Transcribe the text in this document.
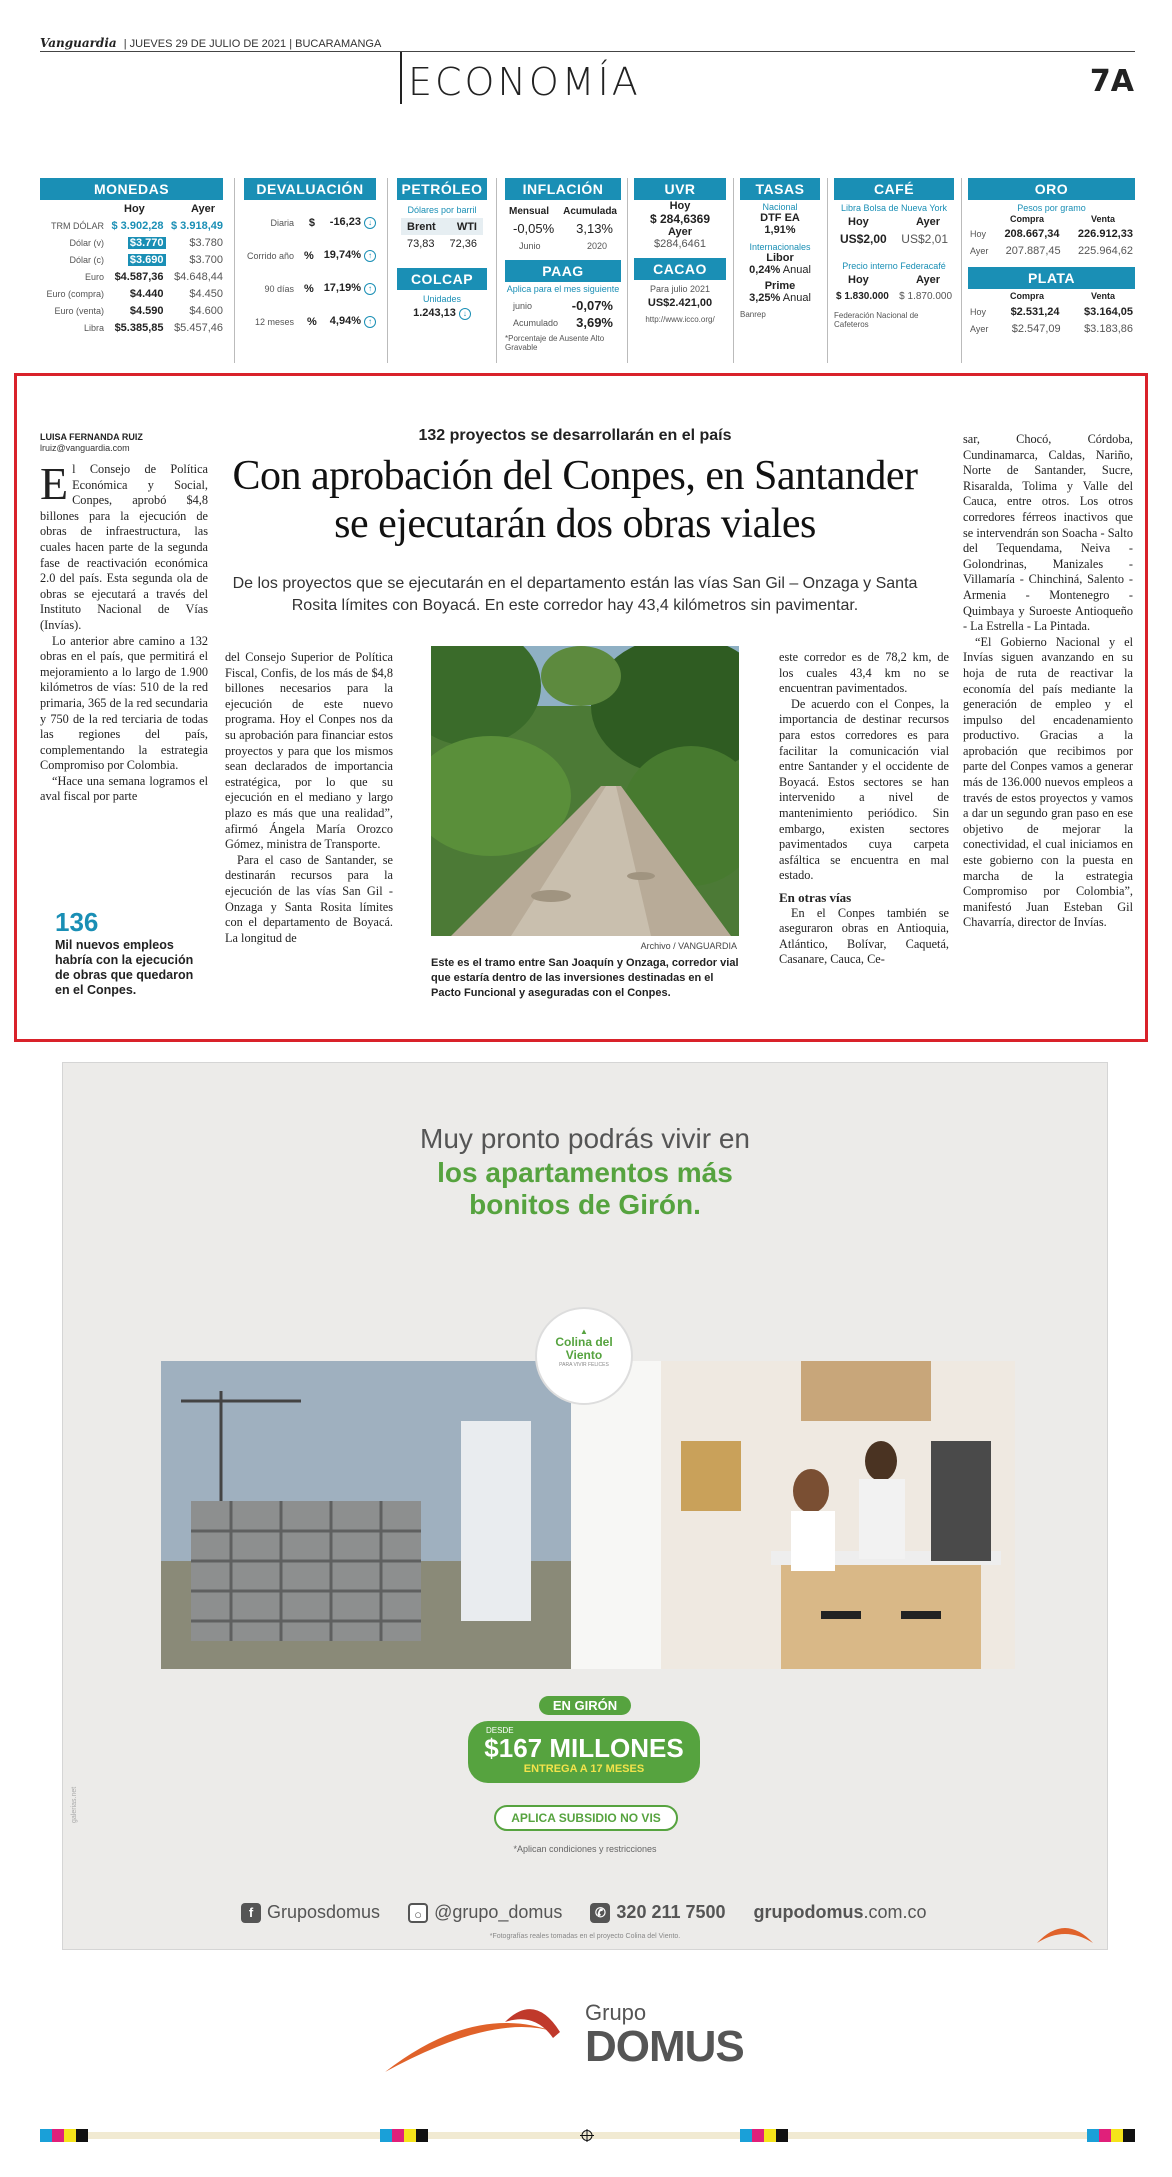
Vanguardia | JUEVES 29 DE JULIO DE 2021 | BUCARAMANGA
ECONOMÍA	7A
MONEDAS
Hoy	Ayer
TRM DÓLAR $ 3.902,28 $ 3.918,49
Dólar (v) $3.770 $3.780
Dólar (c) $3.690 $3.700
Euro $4.587,36 $4.648,44
Euro (compra) $4.440 $4.450
Euro (venta) $4.590 $4.600
Libra $5.385,85 $5.457,46
DEVALUACIÓN
Diaria $ -16,23 ↓
Corrido año % 19,74% ↑
90 días % 17,19% ↑
12 meses % 4,94% ↑
PETRÓLEO
Dólares por barril
Brent WTI
73,83 72,36
COLCAP
Unidades
1.243,13 ↓
INFLACIÓN
Mensual Acumulada
-0,05% 3,13%
Junio	2020
PAAG
Aplica para el mes siguiente
junio	-0,07%
Acumulado 3,69%
*Porcentaje de Ausente Alto Gravable
UVR
Hoy
$ 284,6369
Ayer
$284,6461
CACAO
Para julio 2021
US$2.421,00
http://www.icco.org/
TASAS
Nacional
DTF EA
1,91%
Internacionales
Libor
0,24% Anual
Prime
3,25% Anual
Banrep
CAFÉ
Libra Bolsa de Nueva York
Hoy	Ayer
US$2,00 US$2,01
Precio interno Federacafé
Hoy	Ayer
$ 1.830.000 $ 1.870.000
Federación Nacional de Cafeteros
ORO
Pesos por gramo
Compra	Venta
Hoy 208.667,34 226.912,33
Ayer 207.887,45 225.964,62
PLATA
Compra	Venta
Hoy $2.531,24 $3.164,05
Ayer $2.547,09 $3.183,86
LUISA FERNANDA RUIZ
lruiz@vanguardia.com
132 proyectos se desarrollarán en el país
Con aprobación del Conpes, en Santander se ejecutarán dos obras viales
De los proyectos que se ejecutarán en el departamento están las vías San Gil – Onzaga y Santa Rosita límites con Boyacá. En este corredor hay 43,4 kilómetros sin pavimentar.

El Consejo de Política Económica y Social, Conpes, aprobó $4,8 billones para la ejecución de obras de infraestructura, las cuales hacen parte de la segunda fase de reactivación económica 2.0 del país. Esta segunda ola de obras se ejecutará a través del Instituto Nacional de Vías (Invías).

Lo anterior abre camino a 132 obras en el país, que permitirá el mejoramiento a lo largo de 1.900 kilómetros de vías: 510 de la red primaria, 365 de la red secundaria y 750 de la red terciaria de todas las regiones del país, complementando la estrategia Compromiso por Colombia.

“Hace una semana logramos el aval fiscal por parte

136
Mil nuevos empleos habría con la ejecución de obras que quedaron en el Conpes.

del Consejo Superior de Política Fiscal, Confis, de los más de $4,8 billones necesarios para la ejecución de este nuevo programa. Hoy el Conpes nos da su aprobación para financiar estos proyectos y para que los mismos sean declarados de importancia estratégica, por lo que su ejecución en el mediano y largo plazo es más que una realidad”, afirmó Ángela María Orozco Gómez, ministra de Transporte.

Para el caso de Santander, se destinarán recursos para la ejecución de las vías San Gil - Onzaga y Santa Rosita límites con el departamento de Boyacá. La longitud de

Archivo / VANGUARDIA
Este es el tramo entre San Joaquín y Onzaga, corredor vial que estaría dentro de las inversiones destinadas en el Pacto Funcional y aseguradas con el Conpes.

este corredor es de 78,2 km, de los cuales 43,4 km no se encuentran pavimentados.

De acuerdo con el Conpes, la importancia de destinar recursos para estos corredores es para facilitar la comunicación vial entre Santander y el occidente de Boyacá. Estos sectores se han intervenido a nivel de mantenimiento periódico. Sin embargo, existen sectores pavimentados cuya carpeta asfáltica se encuentra en mal estado.

En otras vías

En el Conpes también se aseguraron obras en Antioquia, Atlántico, Bolívar, Caquetá, Casanare, Cauca, Ce-

sar, Chocó, Córdoba, Cundinamarca, Caldas, Nariño, Norte de Santander, Sucre, Risaralda, Tolima y Valle del Cauca, entre otros. Los otros corredores férreos inactivos que se intervendrán son Soacha - Salto del Tequendama, Neiva - Golondrinas, Manizales - Villamaría - Chinchiná, Salento - Armenia - Montenegro - Quimbaya y Suroeste Antioqueño - La Estrella - La Pintada.

“El Gobierno Nacional y el Invías siguen avanzando en su hoja de ruta de reactivar la economía del país mediante la generación de empleo y el impulso del encadenamiento productivo. Gracias a la aprobación que recibimos por parte del Conpes vamos a generar más de 136.000 nuevos empleos a través de estos proyectos y vamos a dar un segundo gran paso en ese objetivo de mejorar la conectividad, el cual iniciamos en este gobierno con la puesta en marcha de la estrategia Compromiso por Colombia”, manifestó Juan Esteban Gil Chavarría, director de Invías.

Muy pronto podrás vivir en
los apartamentos más
bonitos de Girón.
▲
Colina del Viento
PARA VIVIR FELICES
EN GIRÓN
DESDE
$167 MILLONES
ENTREGA A 17 MESES
APLICA SUBSIDIO NO VIS
*Aplican condiciones y restricciones
f Gruposdomus	○ @grupo_domus	✆ 320 211 7500 grupodomus .com.co
*Fotografías reales tomadas en el proyecto Colina del Viento.
galerias.net
Grupo
DOMUS
